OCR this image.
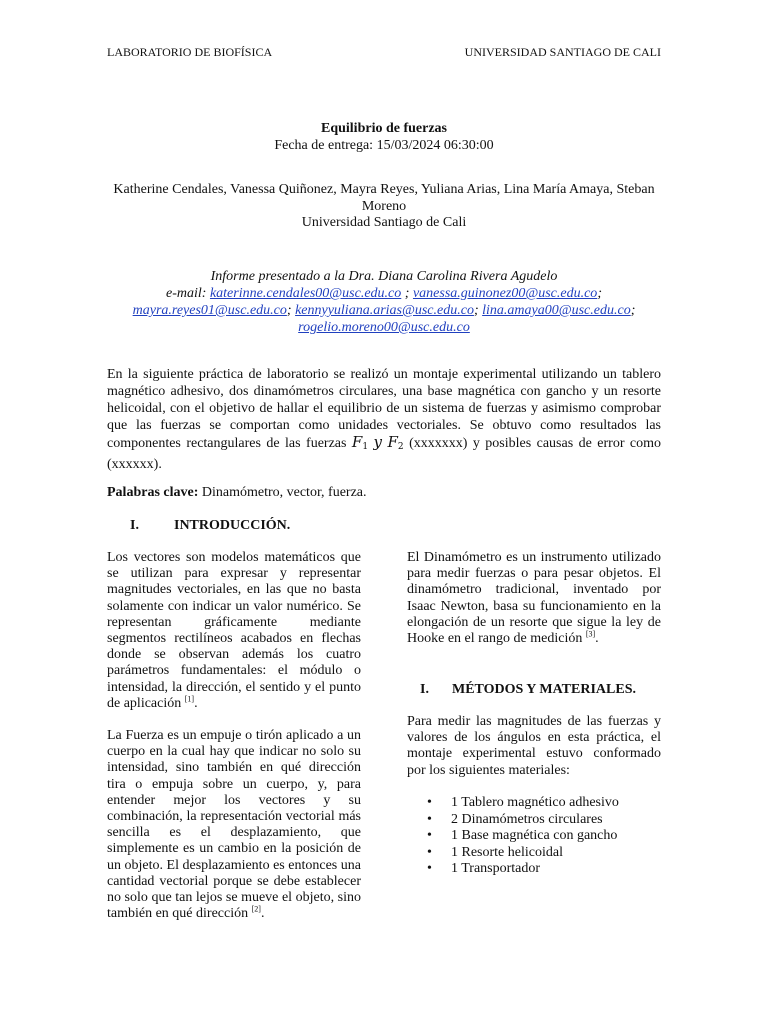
LABORATORIO DE BIOFÍSICA	UNIVERSIDAD SANTIAGO DE CALI
Equilibrio de fuerzas
Fecha de entrega: 15/03/2024 06:30:00
Katherine Cendales, Vanessa Quiñonez, Mayra Reyes, Yuliana Arias, Lina María Amaya, Steban Moreno
Universidad Santiago de Cali
Informe presentado a la Dra. Diana Carolina Rivera Agudelo
e-mail: katerinne.cendales00@usc.edu.co ; vanessa.guinonez00@usc.edu.co;
mayra.reyes01@usc.edu.co; kennyyuliana.arias@usc.edu.co; lina.amaya00@usc.edu.co;
rogelio.moreno00@usc.edu.co
En la siguiente práctica de laboratorio se realizó un montaje experimental utilizando un tablero magnético adhesivo, dos dinamómetros circulares, una base magnética con gancho y un resorte helicoidal, con el objetivo de hallar el equilibrio de un sistema de fuerzas y asimismo comprobar que las fuerzas se comportan como unidades vectoriales. Se obtuvo como resultados las componentes rectangulares de las fuerzas $F_1$ y $F_2$ (xxxxxxx) y posibles causas de error como (xxxxxx).
Palabras clave: Dinamómetro, vector, fuerza.
I.	INTRODUCCIÓN.

Los vectores son modelos matemáticos que se utilizan para expresar y representar magnitudes vectoriales, en las que no basta solamente con indicar un valor numérico. Se representan gráficamente mediante segmentos rectilíneos acabados en flechas donde se observan además los cuatro parámetros fundamentales: el módulo o intensidad, la dirección, el sentido y el punto de aplicación [1].

La Fuerza es un empuje o tirón aplicado a un cuerpo en la cual hay que indicar no solo su intensidad, sino también en qué dirección tira o empuja sobre un cuerpo, y, para entender mejor los vectores y su combinación, la representación vectorial más sencilla es el desplazamiento, que simplemente es un cambio en la posición de un objeto. El desplazamiento es entonces una cantidad vectorial porque se debe establecer no solo que tan lejos se mueve el objeto, sino también en qué dirección [2].

El Dinamómetro es un instrumento utilizado para medir fuerzas o para pesar objetos. El dinamómetro tradicional, inventado por Isaac Newton, basa su funcionamiento en la elongación de un resorte que sigue la ley de Hooke en el rango de medición [3].

I. MÉTODOS Y MATERIALES.

Para medir las magnitudes de las fuerzas y valores de los ángulos en esta práctica, el montaje experimental estuvo conformado por los siguientes materiales:

• 1 Tablero magnético adhesivo
• 2 Dinamómetros circulares
• 1 Base magnética con gancho
• 1 Resorte helicoidal
• 1 Transportador
